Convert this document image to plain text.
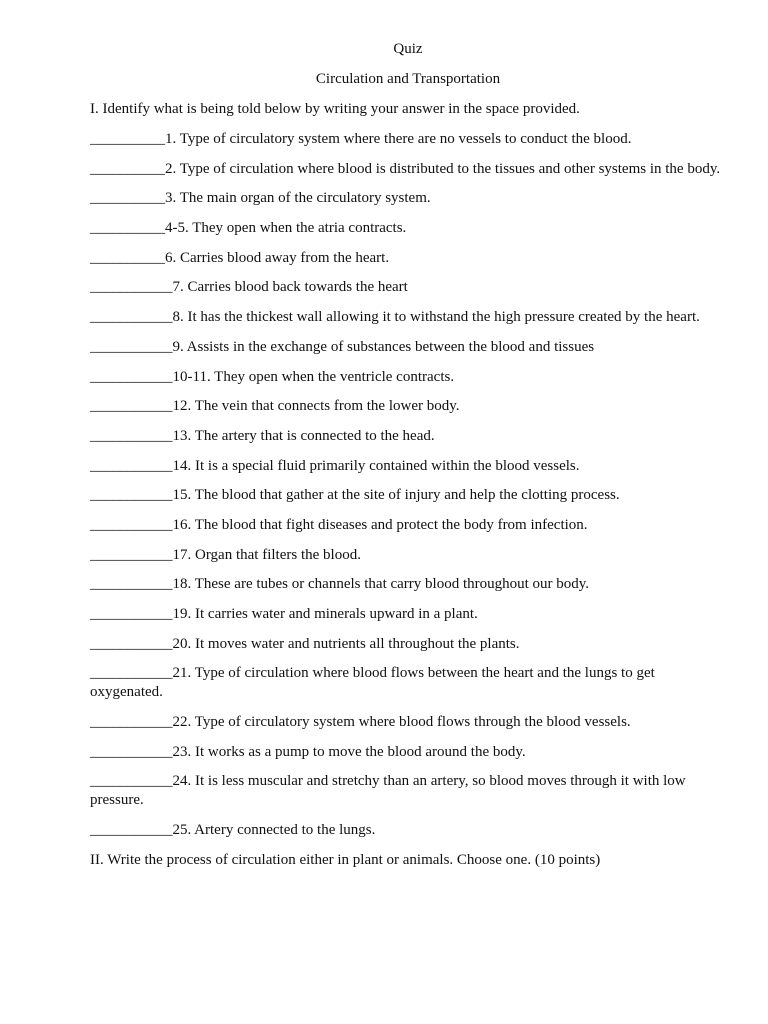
Quiz
Circulation and Transportation
I. Identify what is being told below by writing your answer in the space provided.
__________1. Type of circulatory system where there are no vessels to conduct the blood.
__________2. Type of circulation where blood is distributed to the tissues and other systems in the body.
__________3. The main organ of the circulatory system.
__________4-5. They open when the atria contracts.
__________6. Carries blood away from the heart.
___________7. Carries blood back towards the heart
___________8. It has the thickest wall allowing it to withstand the high pressure created by the heart.
___________9. Assists in the exchange of substances between the blood and tissues
___________10-11. They open when the ventricle contracts.
___________12. The vein that connects from the lower body.
___________13. The artery that is connected to the head.
___________14. It is a special fluid primarily contained within the blood vessels.
___________15. The blood that gather at the site of injury and help the clotting process.
___________16. The blood that fight diseases and protect the body from infection.
___________17. Organ that filters the blood.
___________18. These are tubes or channels that carry blood throughout our body.
___________19. It carries water and minerals upward in a plant.
___________20. It moves water and nutrients all throughout the plants.
___________21. Type of circulation where blood flows between the heart and the lungs to get oxygenated.
___________22. Type of circulatory system where blood flows through the blood vessels.
___________23. It works as a pump to move the blood around the body.
___________24. It is less muscular and stretchy than an artery, so blood moves through it with low pressure.
___________25. Artery connected to the lungs.
II. Write the process of circulation either in plant or animals. Choose one. (10 points)
